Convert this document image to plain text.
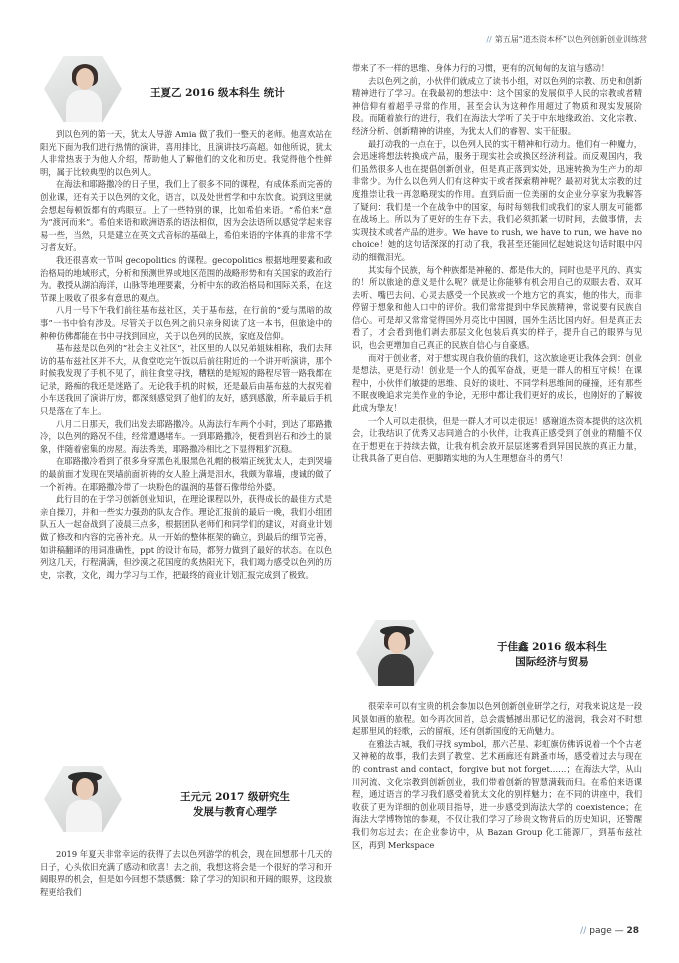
// 第五届“道杰资本杯”以色列创新创业训练营
王夏乙 2016 级本科生 统计

到以色列的第一天，犹太人导游 Amia 做了我们一整天的老师。他喜欢站在阳光下面为我们进行热情的演讲，喜用排比，且演讲技巧高超。如他所说，犹太人非常热衷于为他人介绍，帮助他人了解他们的文化和历史。我觉得他个性鲜明，属于比较典型的以色列人。

在海法和耶路撒冷的日子里，我们上了很多不同的课程，有成体系而完善的创业课，还有关于以色列的文化，语言，以及处世哲学和中东饮食。说到这里就会想起每顿饭都有的鸡眼豆。上了一些特别的课，比如希伯来语。“希伯来”意为“渡河而来”。希伯来语和欧洲语系的语法相似，因为会法语所以感觉学起来容易一些，当然，只是建立在英文式音标的基础上，希伯来语的字体真的非常不学习者友好。

我还很喜欢一节叫 gecopolitics 的课程。gecopolitics 根据地理要素和政治格局的地域形式，分析和预测世界或地区范围的战略形势和有关国家的政治行为。教授从湖泊海洋，山脉等地理要素，分析中东的政治格局和国际关系，在这节课上吸收了很多有意思的观点。

八月一号下午我们前往基布兹社区，关于基布兹，在行前的“爱与黑暗的故事”一书中恰有涉及。尽管关于以色列之前只亲身阅读了这一本书，但旅途中的种种仿佛都能在书中寻找到回应，关于以色列的民族，家庭及信仰。

基布兹是以色列的“社会主义社区”，社区里的人以兄弟姐妹相称，我们去拜访的基布兹社区并不大，从食堂吃完午饭以后前往附近的一个讲开听演讲，那个时候我发现了手机不见了，前往食堂寻找，糟糕的是短短的路程尽管一路我都在记录，路痴的我还是迷路了。无论我手机的时候，还是最后由基布兹的大叔宪着小车送我回了演讲厅房，都深刻感觉到了他们的友好，感到感激，所幸最后手机只是落在了车上。

八月二日那天，我们出发去耶路撒冷。从海法行车两个小时，到达了耶路撒冷，以色列的路况不佳，经常遭遇堵车。一到耶路撒冷，便看到岩石和沙土的景象，伴随着密集的房屋。海法秀美，耶路撒冷相比之下显得粗犷沉稳。

在耶路撒冷看到了很多身穿黑色礼服黑色礼帽的极端正统犹太人，走到哭墙的最前面才发现在哭墙前面祈祷的女人脸上满是泪水，我颇为靠墙，虔诚的做了一个祈祷。在耶路撒冷带了一块粉色的温润的基督石像带给外婆。

此行目的在于学习创新创业知识，在理论课程以外，获得成长的最佳方式是亲自操刀，并和一些实力强劲的队友合作。理论汇报前的最后一晚，我们小组团队五人一起奋战到了凌晨三点多，根据团队老师们和同学们的建议，对商业计划做了修改和内容的完善补充。从一开始的整体框架的确立，到最后的细节完善，如讲稿翻译的用词准确性，ppt 的设计布局，都努力做到了最好的状态。在以色列这几天，行程满满，但沙漠之花国度的炙热阳光下，我们竭力感受以色列的历史，宗教，文化，竭力学习与工作，把最终的商业计划汇报完成到了极致。

王元元 2017 级研究生
发展与教育心理学

2019 年夏天非常幸运的获得了去以色列游学的机会，现在回想那十几天的日子，心头依旧充满了感动和欣喜！去之前，我想这将会是一个很好的学习和开阔眼界的机会，但是如今回想不禁感慨：除了学习的知识和开阔的眼界，这段旅程更给我们

带来了不一样的思维、身体力行的习惯，更有的沉甸甸的友谊与感动！

去以色列之前，小伙伴们就成立了读书小组，对以色列的宗教、历史和创新精神进行了学习。在我最初的想法中：这个国家的发展似乎人民的宗教或者精神信仰有着超乎寻常的作用，甚至会认为这种作用超过了物质和现实发展阶段。而随着旅行的进行，我们在海法大学听了关于中东地缘政治、文化宗教、经济分析、创新精神的讲座，为犹太人们的睿智、实干征服。

最打动我的一点在于，以色列人民的实干精神和行动力。他们有一种魔力，会迅速将想法转换成产品，服务于现实社会或换区经济利益。而反观国内，我们虽然很多人也在提倡创新创业，但是真正落到实处，迅速转换为生产力的却非常少。为什么以色列人们有这种实干或者探索精神呢？最初对犹太宗教的过度推崇让我一再忽略现实的作用。直到后面一位美丽的女企业分享家为我解答了疑问：我们是一个在战争中的国家，每时每刻我们或我们的家人朋友可能都在战场上。所以为了更好的生存下去，我们必须抓紧一切时间，去做事情，去实现技术或者产品的进步。We have to rush, we have to run, we have no choice！她的这句话深深的打动了我，我甚至还能回忆起她说这句话时眼中闪动的细微泪光。

其实每个民族，每个种族都是神秘的、都是伟大的，同时也是平凡的、真实的！所以旅途的意义是什么呢？就是让你能够有机会用自己的双眼去看、双耳去听、嘴巴去问、心灵去感受一个民族或一个地方它的真实，他的伟大，而非停留于想象和他人口中的评价。我们常常提到中华民族精神，常说要有民族自信心。可是却又常常觉得国外月亮比中国圆，国外生活比国内好。但是真正去看了，才会看到他们剥去那层文化包装后真实的样子，提升自己的眼界与见识，也会更增加自己真正的民族自信心与自豪感。

而对于创业者，对于想实现自我价值的我们，这次旅途更让我体会到：创业是想法，更是行动！创业是一个人的孤军奋战，更是一群人的相互守候！在课程中，小伙伴们敏捷的思维、良好的谈吐、不同学科思维间的碰撞，还有那些不眠夜晚追求完美作业的争论，无形中都让我们更好的成长，也刚好的了解彼此成为挚友！

一个人可以走很快，但是一群人才可以走很远！感谢道杰资本提供的这次机会，让我结识了优秀又志同道合的小伙伴，让我真正感受到了创业的精髓不仅在于想更在于持续去做，让我有机会放开层层迷雾看到异国民族的真正力量，让我具备了更自信、更脚踏实地的为人生理想奋斗的勇气！

于佳鑫 2016 级本科生
国际经济与贸易

很荣幸可以有宝贵的机会参加以色列创新创业研学之行，对我来说这是一段风景如画的旅程。如今再次回首，总会震憾撼出那记忆的滋润，我会对不时想起那里风的轻歌，云的留痕，还有创新国度的无尚魅力。

在雅法古城，我们寻找 symbol，那六芒星、彩虹旗仿佛诉说着一个个古老又神秘的故事，我们去到了教堂、艺术画廊还有跳蚤市场，感受着过去与现在的 contrast and contact，forgive but not forget……；在海法大学，从山川河流、文化宗教到创新创业，我们带着创新的智慧满载而归。在希伯来语课程，通过语言的学习我们感受着犹太文化的别样魅力；在不同的讲座中，我们收获了更为详细的创业项目指导，进一步感受到海法大学的 coexistence；在海法大学博物馆的参观，不仅让我们学习了珍贵文物背后的历史知识，还警醒我们勿忘过去；在企业参访中，从 Bazan Group 化工能源厂，到基布兹社区，再到 Merkspace

// page — 28
